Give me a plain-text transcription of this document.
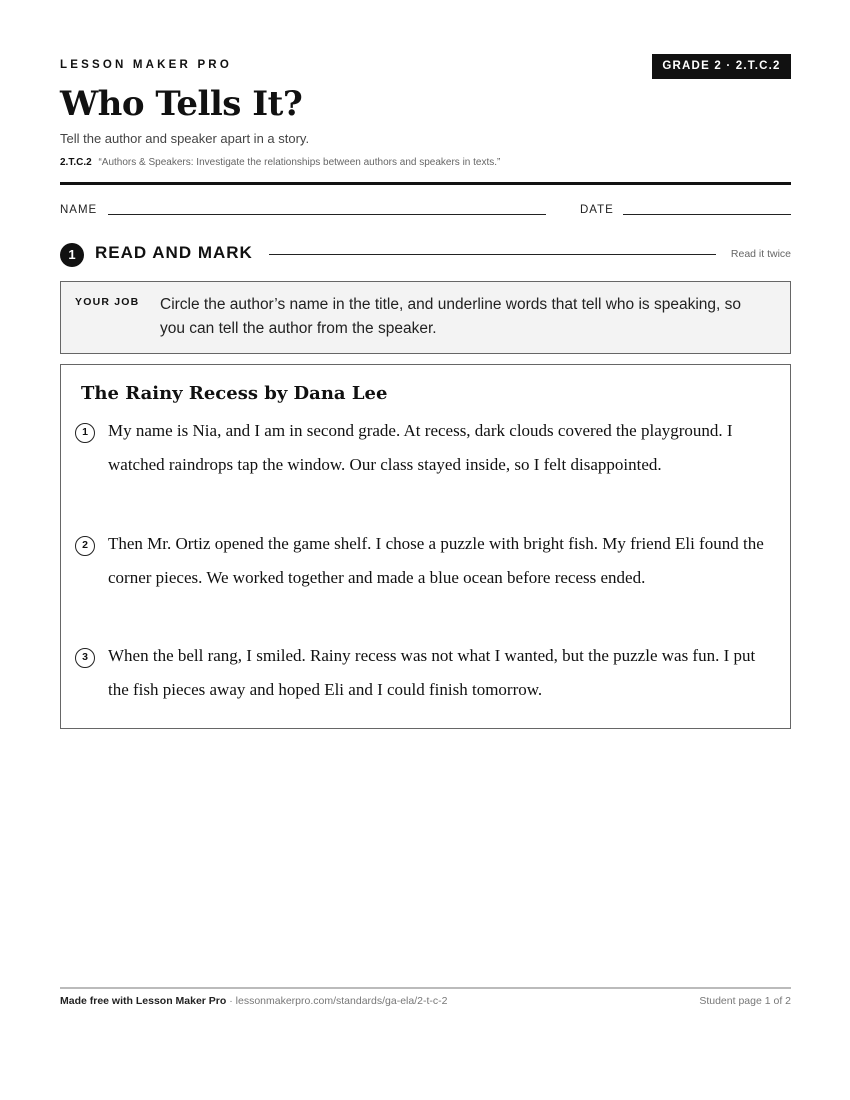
LESSON MAKER PRO	GRADE 2 · 2.T.C.2
Who Tells It?
Tell the author and speaker apart in a story.
2.T.C.2 “Authors & Speakers: Investigate the relationships between authors and speakers in texts.”
NAME	DATE
1	READ AND MARK	Read it twice
YOUR JOB Circle the author’s name in the title, and underline words that tell who is speaking, so you can tell the author from the speaker.
The Rainy Recess by Dana Lee
1	My name is Nia, and I am in second grade. At recess, dark clouds covered the playground. I watched raindrops tap the window. Our class stayed inside, so I felt disappointed.
2	Then Mr. Ortiz opened the game shelf. I chose a puzzle with bright fish. My friend Eli found the corner pieces. We worked together and made a blue ocean before recess ended.
3	When the bell rang, I smiled. Rainy recess was not what I wanted, but the puzzle was fun. I put the fish pieces away and hoped Eli and I could finish tomorrow.
Made free with Lesson Maker Pro · lessonmakerpro.com/standards/ga-ela/2-t-c-2	Student page 1 of 2
